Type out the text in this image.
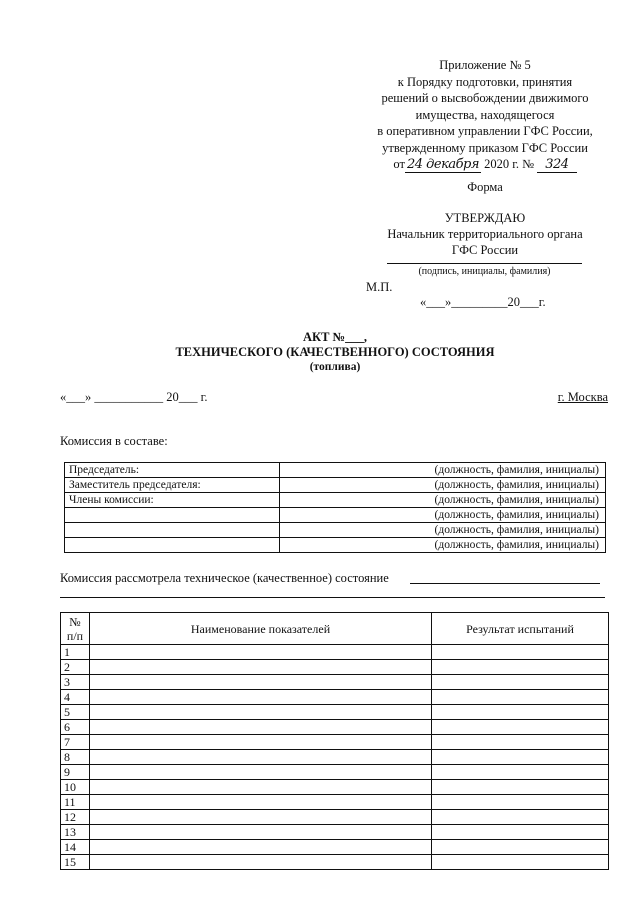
Приложение № 5
к Порядку подготовки, принятия
решений о высвобождении движимого
имущества, находящегося
в оперативном управлении ГФС России,
утвержденному приказом ГФС России
от 24 декабря 2020 г. № 324
Форма
УТВЕРЖДАЮ
Начальник территориального органа
ГФС России
(подпись, инициалы, фамилия)
М.П.
«___»_________20___г.
АКТ №___,
ТЕХНИЧЕСКОГО (КАЧЕСТВЕННОГО) СОСТОЯНИЯ
(топлива)
«___» ___________ 20___ г.	г. Москва
Комиссия в составе:
Председатель:	(должность, фамилия, инициалы)
Заместитель председателя:	(должность, фамилия, инициалы)
Члены комиссии:	(должность, фамилия, инициалы)
	(должность, фамилия, инициалы)
	(должность, фамилия, инициалы)
	(должность, фамилия, инициалы)
Комиссия рассмотрела техническое (качественное) состояние
№
п/п	Наименование показателей	Результат испытаний
1		
2		
3		
4		
5		
6		
7		
8		
9		
10		
11		
12		
13		
14		
15		
